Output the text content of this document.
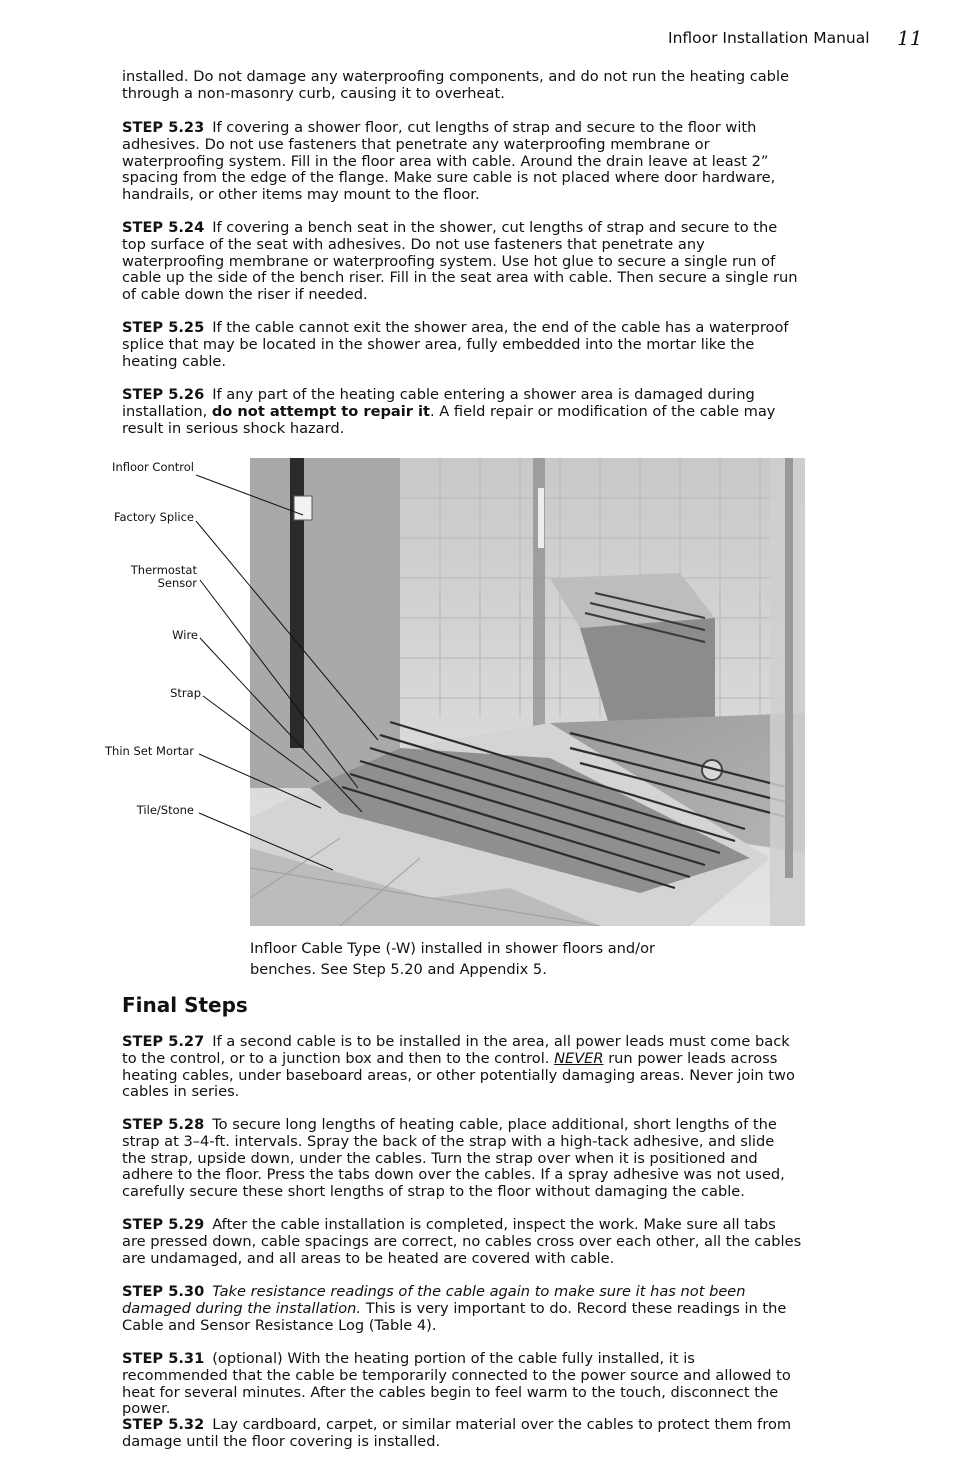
Infloor Installation Manual 11

installed. Do not damage any waterproofing components, and do not run the heating cable through a non-masonry curb, causing it to overheat.

STEP 5.23 If covering a shower floor, cut lengths of strap and secure to the floor with adhesives. Do not use fasteners that penetrate any waterproofing membrane or waterproofing system. Fill in the floor area with cable. Around the drain leave at least 2” spacing from the edge of the flange. Make sure cable is not placed where door hardware, handrails, or other items may mount to the floor.

STEP 5.24 If covering a bench seat in the shower, cut lengths of strap and secure to the top surface of the seat with adhesives. Do not use fasteners that penetrate any waterproofing membrane or waterproofing system. Use hot glue to secure a single run of cable up the side of the bench riser. Fill in the seat area with cable. Then secure a single run of cable down the riser if needed.

STEP 5.25 If the cable cannot exit the shower area, the end of the cable has a waterproof splice that may be located in the shower area, fully embedded into the mortar like the heating cable.

STEP 5.26 If any part of the heating cable entering a shower area is damaged during installation, do not attempt to repair it. A field repair or modification of the cable may result in serious shock hazard.

Infloor Control
Factory Splice
Thermostat
Sensor
Wire
Strap
Thin Set Mortar
Tile/Stone

Infloor Cable Type (-W) installed in shower floors and/or benches. See Step 5.20 and Appendix 5.

Final Steps

STEP 5.27 If a second cable is to be installed in the area, all power leads must come back to the control, or to a junction box and then to the control. NEVER run power leads across heating cables, under baseboard areas, or other potentially damaging areas. Never join two cables in series.

STEP 5.28 To secure long lengths of heating cable, place additional, short lengths of the strap at 3–4-ft. intervals. Spray the back of the strap with a high-tack adhesive, and slide the strap, upside down, under the cables. Turn the strap over when it is positioned and adhere to the floor. Press the tabs down over the cables. If a spray adhesive was not used, carefully secure these short lengths of strap to the floor without damaging the cable.

STEP 5.29 After the cable installation is completed, inspect the work. Make sure all tabs are pressed down, cable spacings are correct, no cables cross over each other, all the cables are undamaged, and all areas to be heated are covered with cable.

STEP 5.30 Take resistance readings of the cable again to make sure it has not been damaged during the installation. This is very important to do. Record these readings in the Cable and Sensor Resistance Log (Table 4).

STEP 5.31 (optional) With the heating portion of the cable fully installed, it is recommended that the cable be temporarily connected to the power source and allowed to heat for several minutes. After the cables begin to feel warm to the touch, disconnect the power.

STEP 5.32 Lay cardboard, carpet, or similar material over the cables to protect them from damage until the floor covering is installed.
